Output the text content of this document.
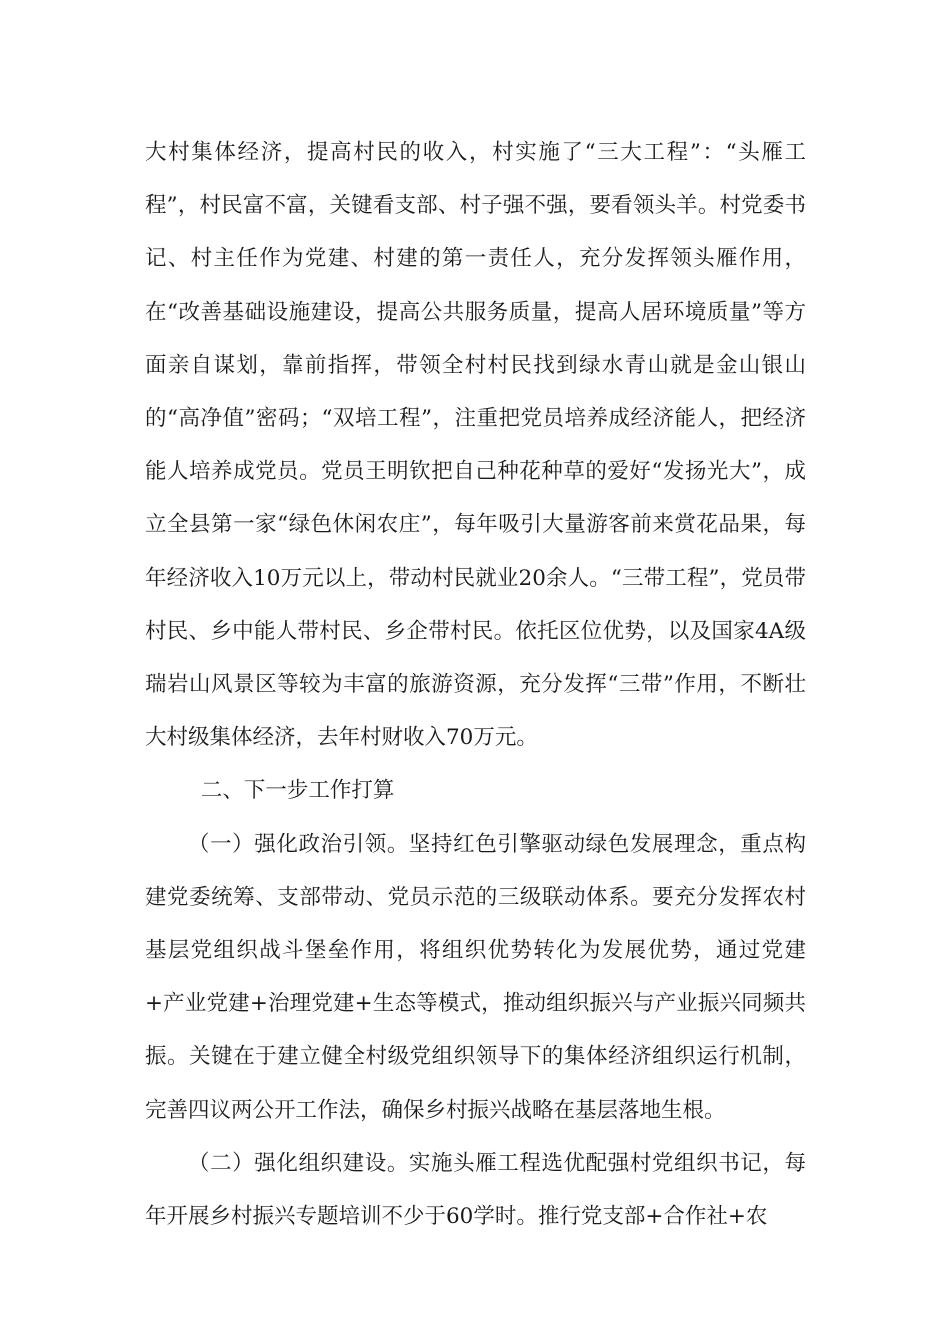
大村集体经济，提高村民的收入，村实施了“三大工程”：“头雁工程”，村民富不富，关键看支部、村子强不强，要看领头羊。村党委书记、村主任作为党建、村建的第一责任人，充分发挥领头雁作用，在“改善基础设施建设，提高公共服务质量，提高人居环境质量”等方面亲自谋划，靠前指挥，带领全村村民找到绿水青山就是金山银山的“高净值”密码；“双培工程”，注重把党员培养成经济能人，把经济能人培养成党员。党员王明钦把自己种花种草的爱好“发扬光大”，成立全县第一家“绿色休闲农庄”，每年吸引大量游客前来赏花品果，每年经济收入10万元以上，带动村民就业20余人。“三带工程”，党员带村民、乡中能人带村民、乡企带村民。依托区位优势，以及国家4A级瑞岩山风景区等较为丰富的旅游资源，充分发挥“三带”作用，不断壮大村级集体经济，去年村财收入70万元。

二、下一步工作打算

（一）强化政治引领。坚持红色引擎驱动绿色发展理念，重点构建党委统筹、支部带动、党员示范的三级联动体系。要充分发挥农村基层党组织战斗堡垒作用，将组织优势转化为发展优势，通过党建+产业党建+治理党建+生态等模式，推动组织振兴与产业振兴同频共振。关键在于建立健全村级党组织领导下的集体经济组织运行机制，完善四议两公开工作法，确保乡村振兴战略在基层落地生根。

（二）强化组织建设。实施头雁工程选优配强村党组织书记，每年开展乡村振兴专题培训不少于60学时。推行党支部+合作社+农
